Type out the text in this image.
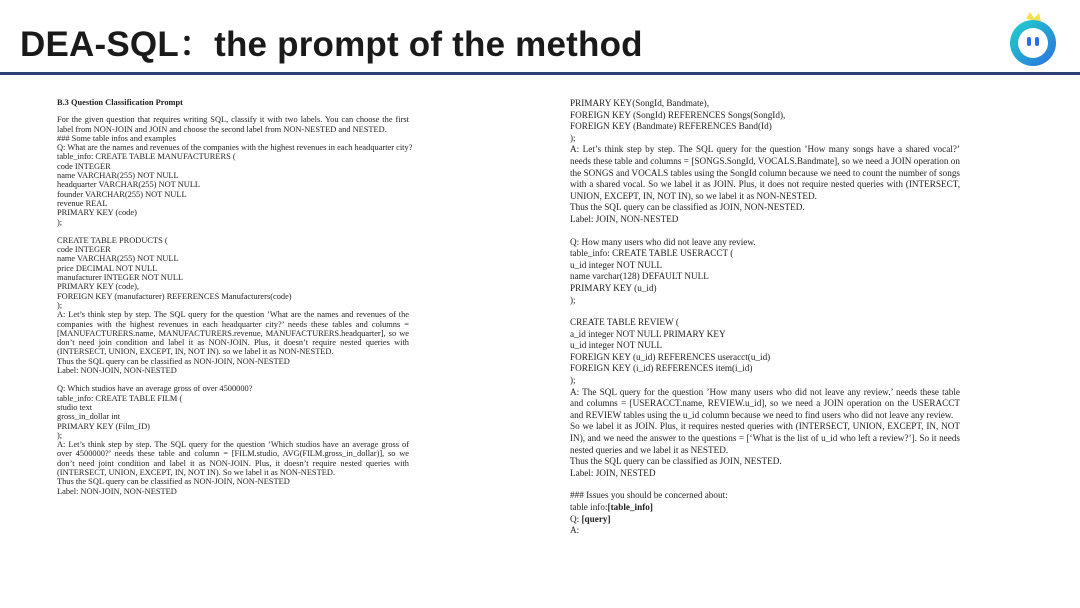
DEA-SQL：the prompt of the method
B.3 Question Classification Prompt
For the given question that requires writing SQL, classify it with two labels. You can choose the first label from NON-JOIN and JOIN and choose the second label from NON-NESTED and NESTED.
### Some table infos and examples
Q: What are the names and revenues of the companies with the highest revenues in each headquarter city?
table_info: CREATE TABLE MANUFACTURERS (
code INTEGER
name VARCHAR(255) NOT NULL
headquarter VARCHAR(255) NOT NULL
founder VARCHAR(255) NOT NULL
revenue REAL
PRIMARY KEY (code)
);
CREATE TABLE PRODUCTS (
code INTEGER
name VARCHAR(255) NOT NULL
price DECIMAL NOT NULL
manufacturer INTEGER NOT NULL
PRIMARY KEY (code),
FOREIGN KEY (manufacturer) REFERENCES Manufacturers(code)
);
A: Let’s think step by step. The SQL query for the question ’What are the names and revenues of the companies with the highest revenues in each headquarter city?’ needs these tables and columns = [MANUFACTURERS.name, MANUFACTURERS.revenue, MANUFACTURERS.headquarter], so we don’t need join condition and label it as NON-JOIN. Plus, it doesn’t require nested queries with (INTERSECT, UNION, EXCEPT, IN, NOT IN). so we label it as NON-NESTED.
Thus the SQL query can be classified as NON-JOIN, NON-NESTED
Label: NON-JOIN, NON-NESTED
Q: Which studios have an average gross of over 4500000?
table_info: CREATE TABLE FILM (
studio text
gross_in_dollar int
PRIMARY KEY (Film_ID)
);
A: Let’s think step by step. The SQL query for the question ’Which studios have an average gross of over 4500000?’ needs these table and column = [FILM.studio, AVG(FILM.gross_in_dollar)], so we don’t need joint condition and label it as NON-JOIN. Plus, it doesn’t require nested queries with (INTERSECT, UNION, EXCEPT, IN, NOT IN). So we label it as NON-NESTED.
Thus the SQL query can be classified as NON-JOIN, NON-NESTED
Label: NON-JOIN, NON-NESTED
PRIMARY KEY(SongId, Bandmate),
FOREIGN KEY (SongId) REFERENCES Songs(SongId),
FOREIGN KEY (Bandmate) REFERENCES Band(Id)
);
A: Let’s think step by step. The SQL query for the question ’How many songs have a shared vocal?’ needs these table and columns = [SONGS.SongId, VOCALS.Bandmate], so we need a JOIN operation on the SONGS and VOCALS tables using the SongId column because we need to count the number of songs with a shared vocal. So we label it as JOIN. Plus, it does not require nested queries with (INTERSECT, UNION, EXCEPT, IN, NOT IN), so we label it as NON-NESTED.
Thus the SQL query can be classified as JOIN, NON-NESTED.
Label: JOIN, NON-NESTED
Q: How many users who did not leave any review.
table_info: CREATE TABLE USERACCT (
u_id integer NOT NULL
name varchar(128) DEFAULT NULL
PRIMARY KEY (u_id)
);
CREATE TABLE REVIEW (
a_id integer NOT NULL PRIMARY KEY
u_id integer NOT NULL
FOREIGN KEY (u_id) REFERENCES useracct(u_id)
FOREIGN KEY (i_id) REFERENCES item(i_id)
);
A: The SQL query for the question ’How many users who did not leave any review.’ needs these table and columns = [USERACCT.name, REVIEW.u_id], so we need a JOIN operation on the USERACCT and REVIEW tables using the u_id column because we need to find users who did not leave any review.
So we label it as JOIN. Plus, it requires nested queries with (INTERSECT, UNION, EXCEPT, IN, NOT IN), and we need the answer to the questions = [‘What is the list of u_id who left a review?’]. So it needs nested queries and we label it as NESTED.
Thus the SQL query can be classified as JOIN, NESTED.
Label: JOIN, NESTED
### Issues you should be concerned about:
table info:[table_info]
Q: [query]
A:
